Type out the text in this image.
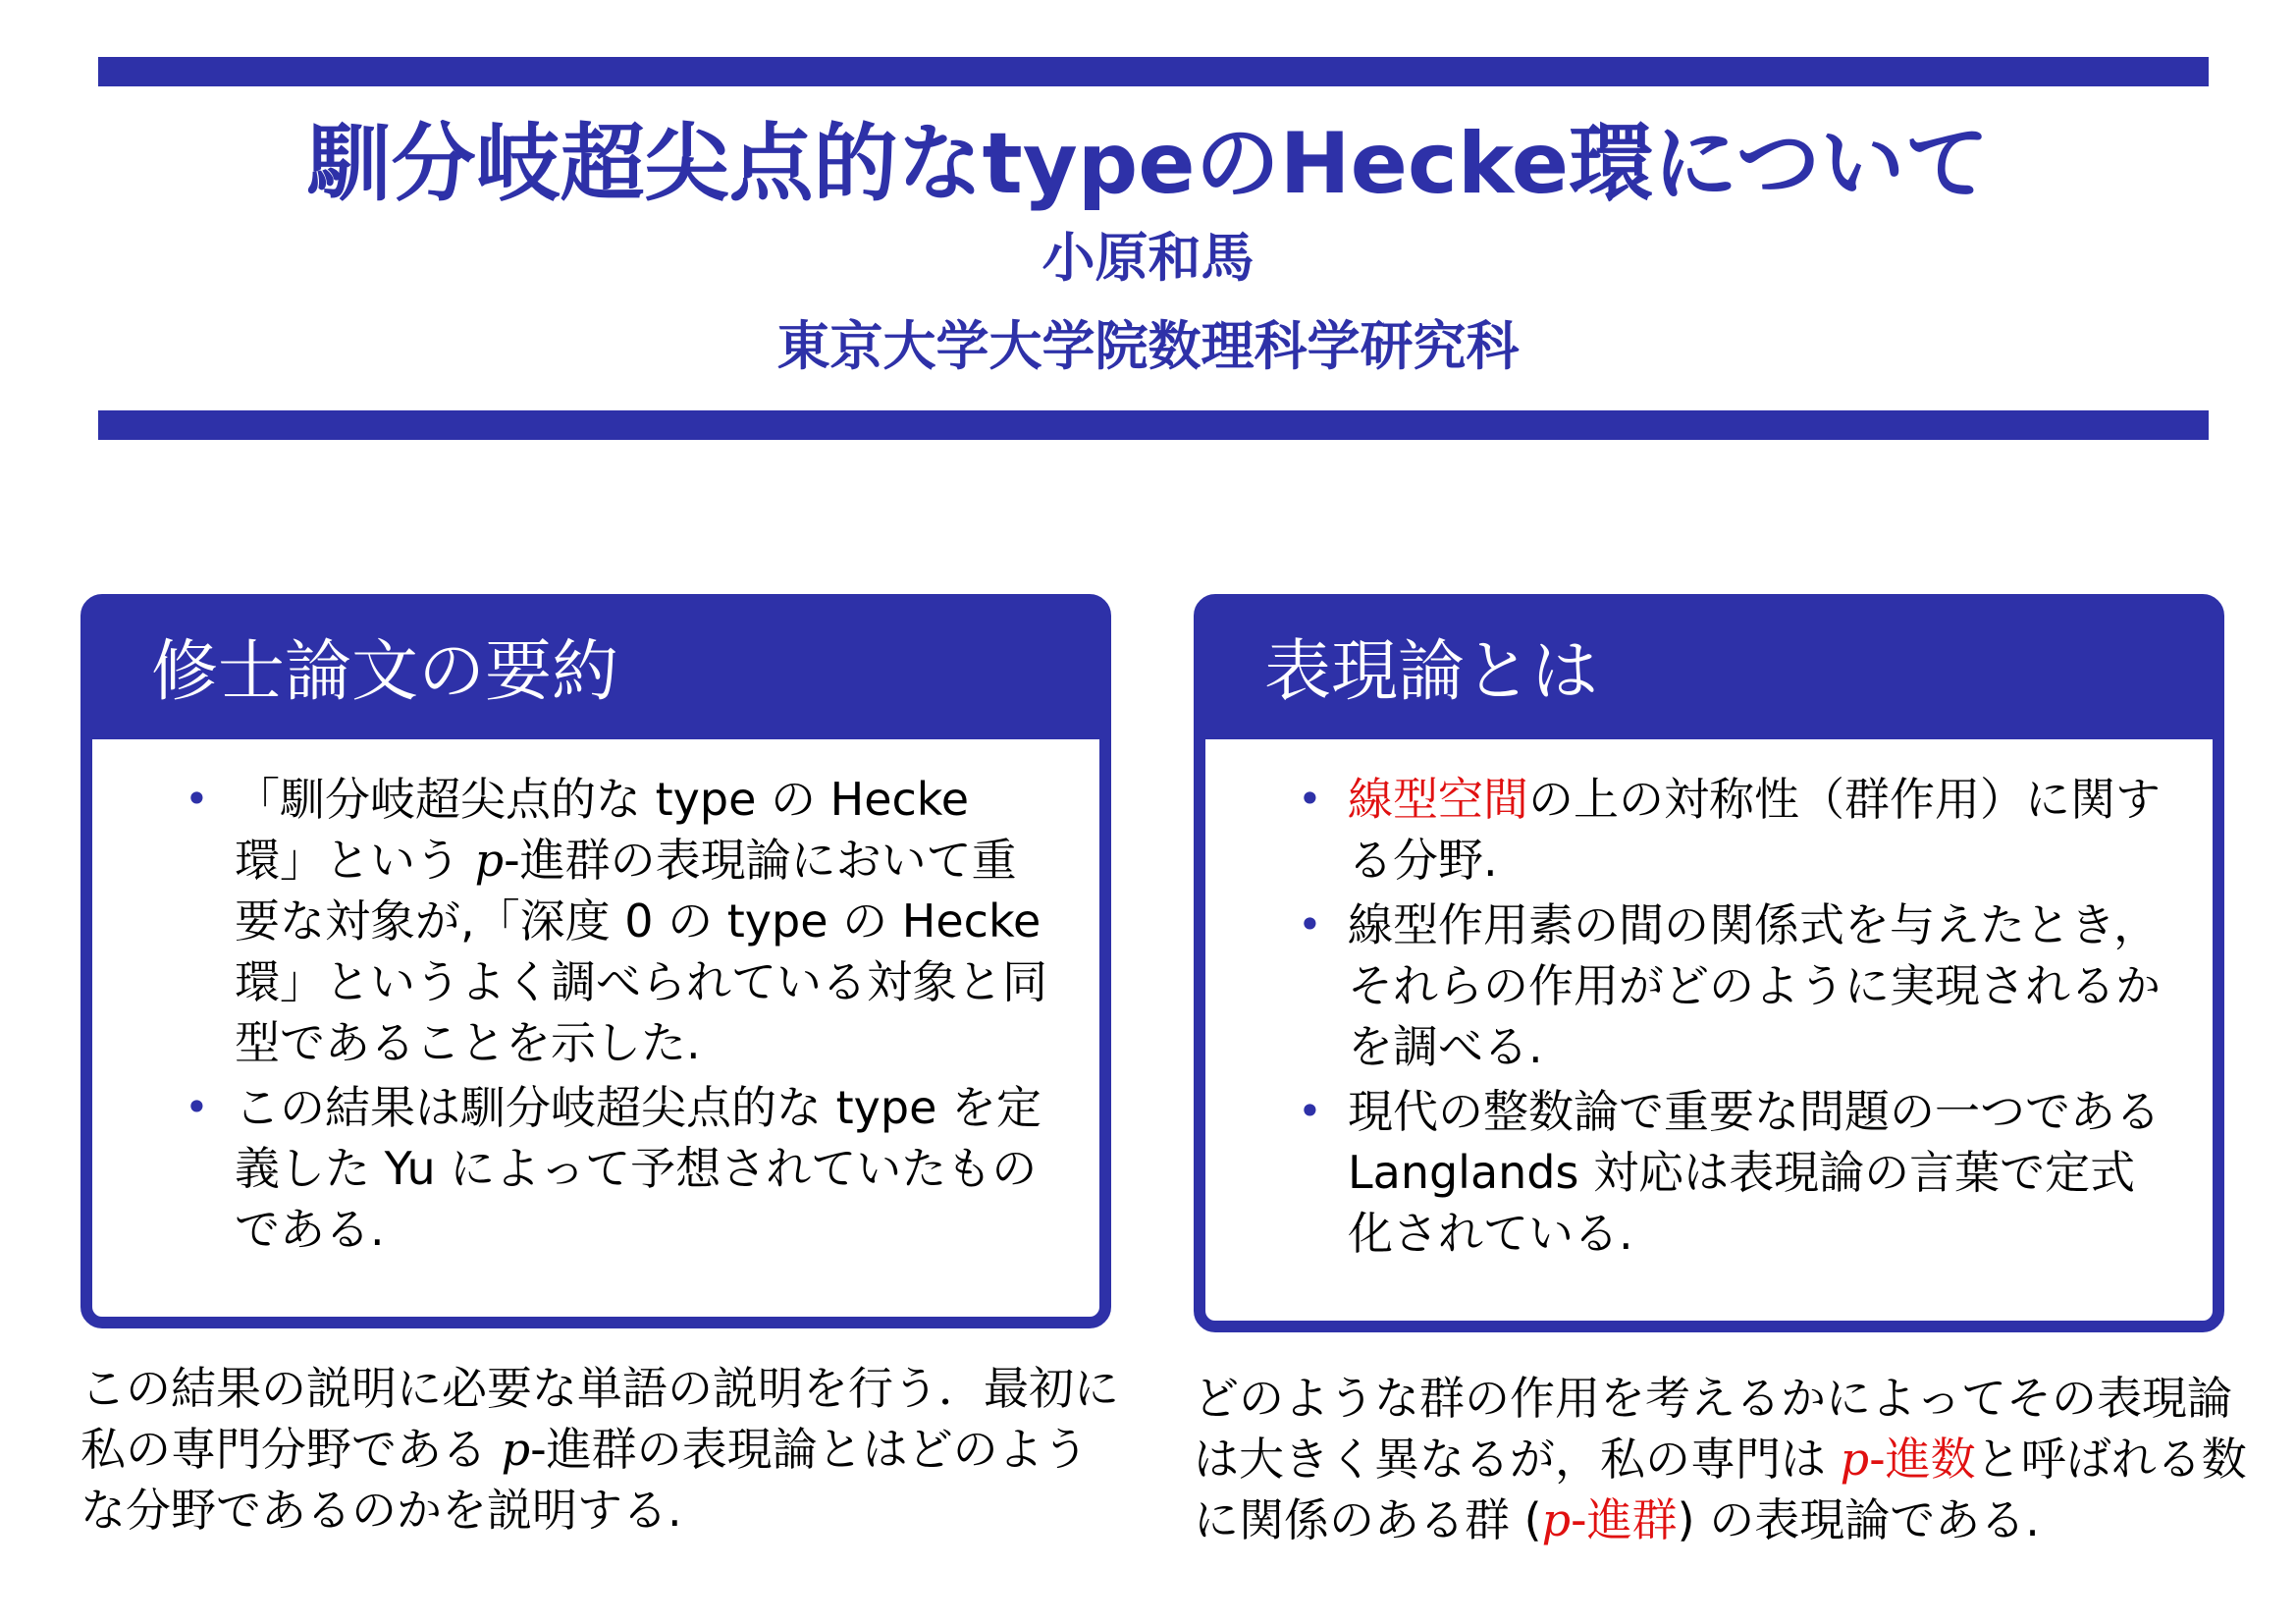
馴分岐超尖点的なtypeのHecke環について
小原和馬
東京大学大学院数理科学研究科
修士論文の要約
• 「馴分岐超尖点的な type の Hecke 環」という p-進群の表現論において重要な対象が,「深度 0 の type の Hecke 環」というよく調べられている対象と同型であることを示した.
• この結果は馴分岐超尖点的な type を定義した Yu によって予想されていたものである.
表現論とは
• 線型空間の上の対称性（群作用）に関する分野.
• 線型作用素の間の関係式を与えたとき，それらの作用がどのように実現されるかを調べる.
• 現代の整数論で重要な問題の一つである Langlands 対応は表現論の言葉で定式化されている.

この結果の説明に必要な単語の説明を行う．最初に私の専門分野である p-進群の表現論とはどのような分野であるのかを説明する.

どのような群の作用を考えるかによってその表現論は大きく異なるが，私の専門は p-進数と呼ばれる数に関係のある群 (p-進群) の表現論である.
